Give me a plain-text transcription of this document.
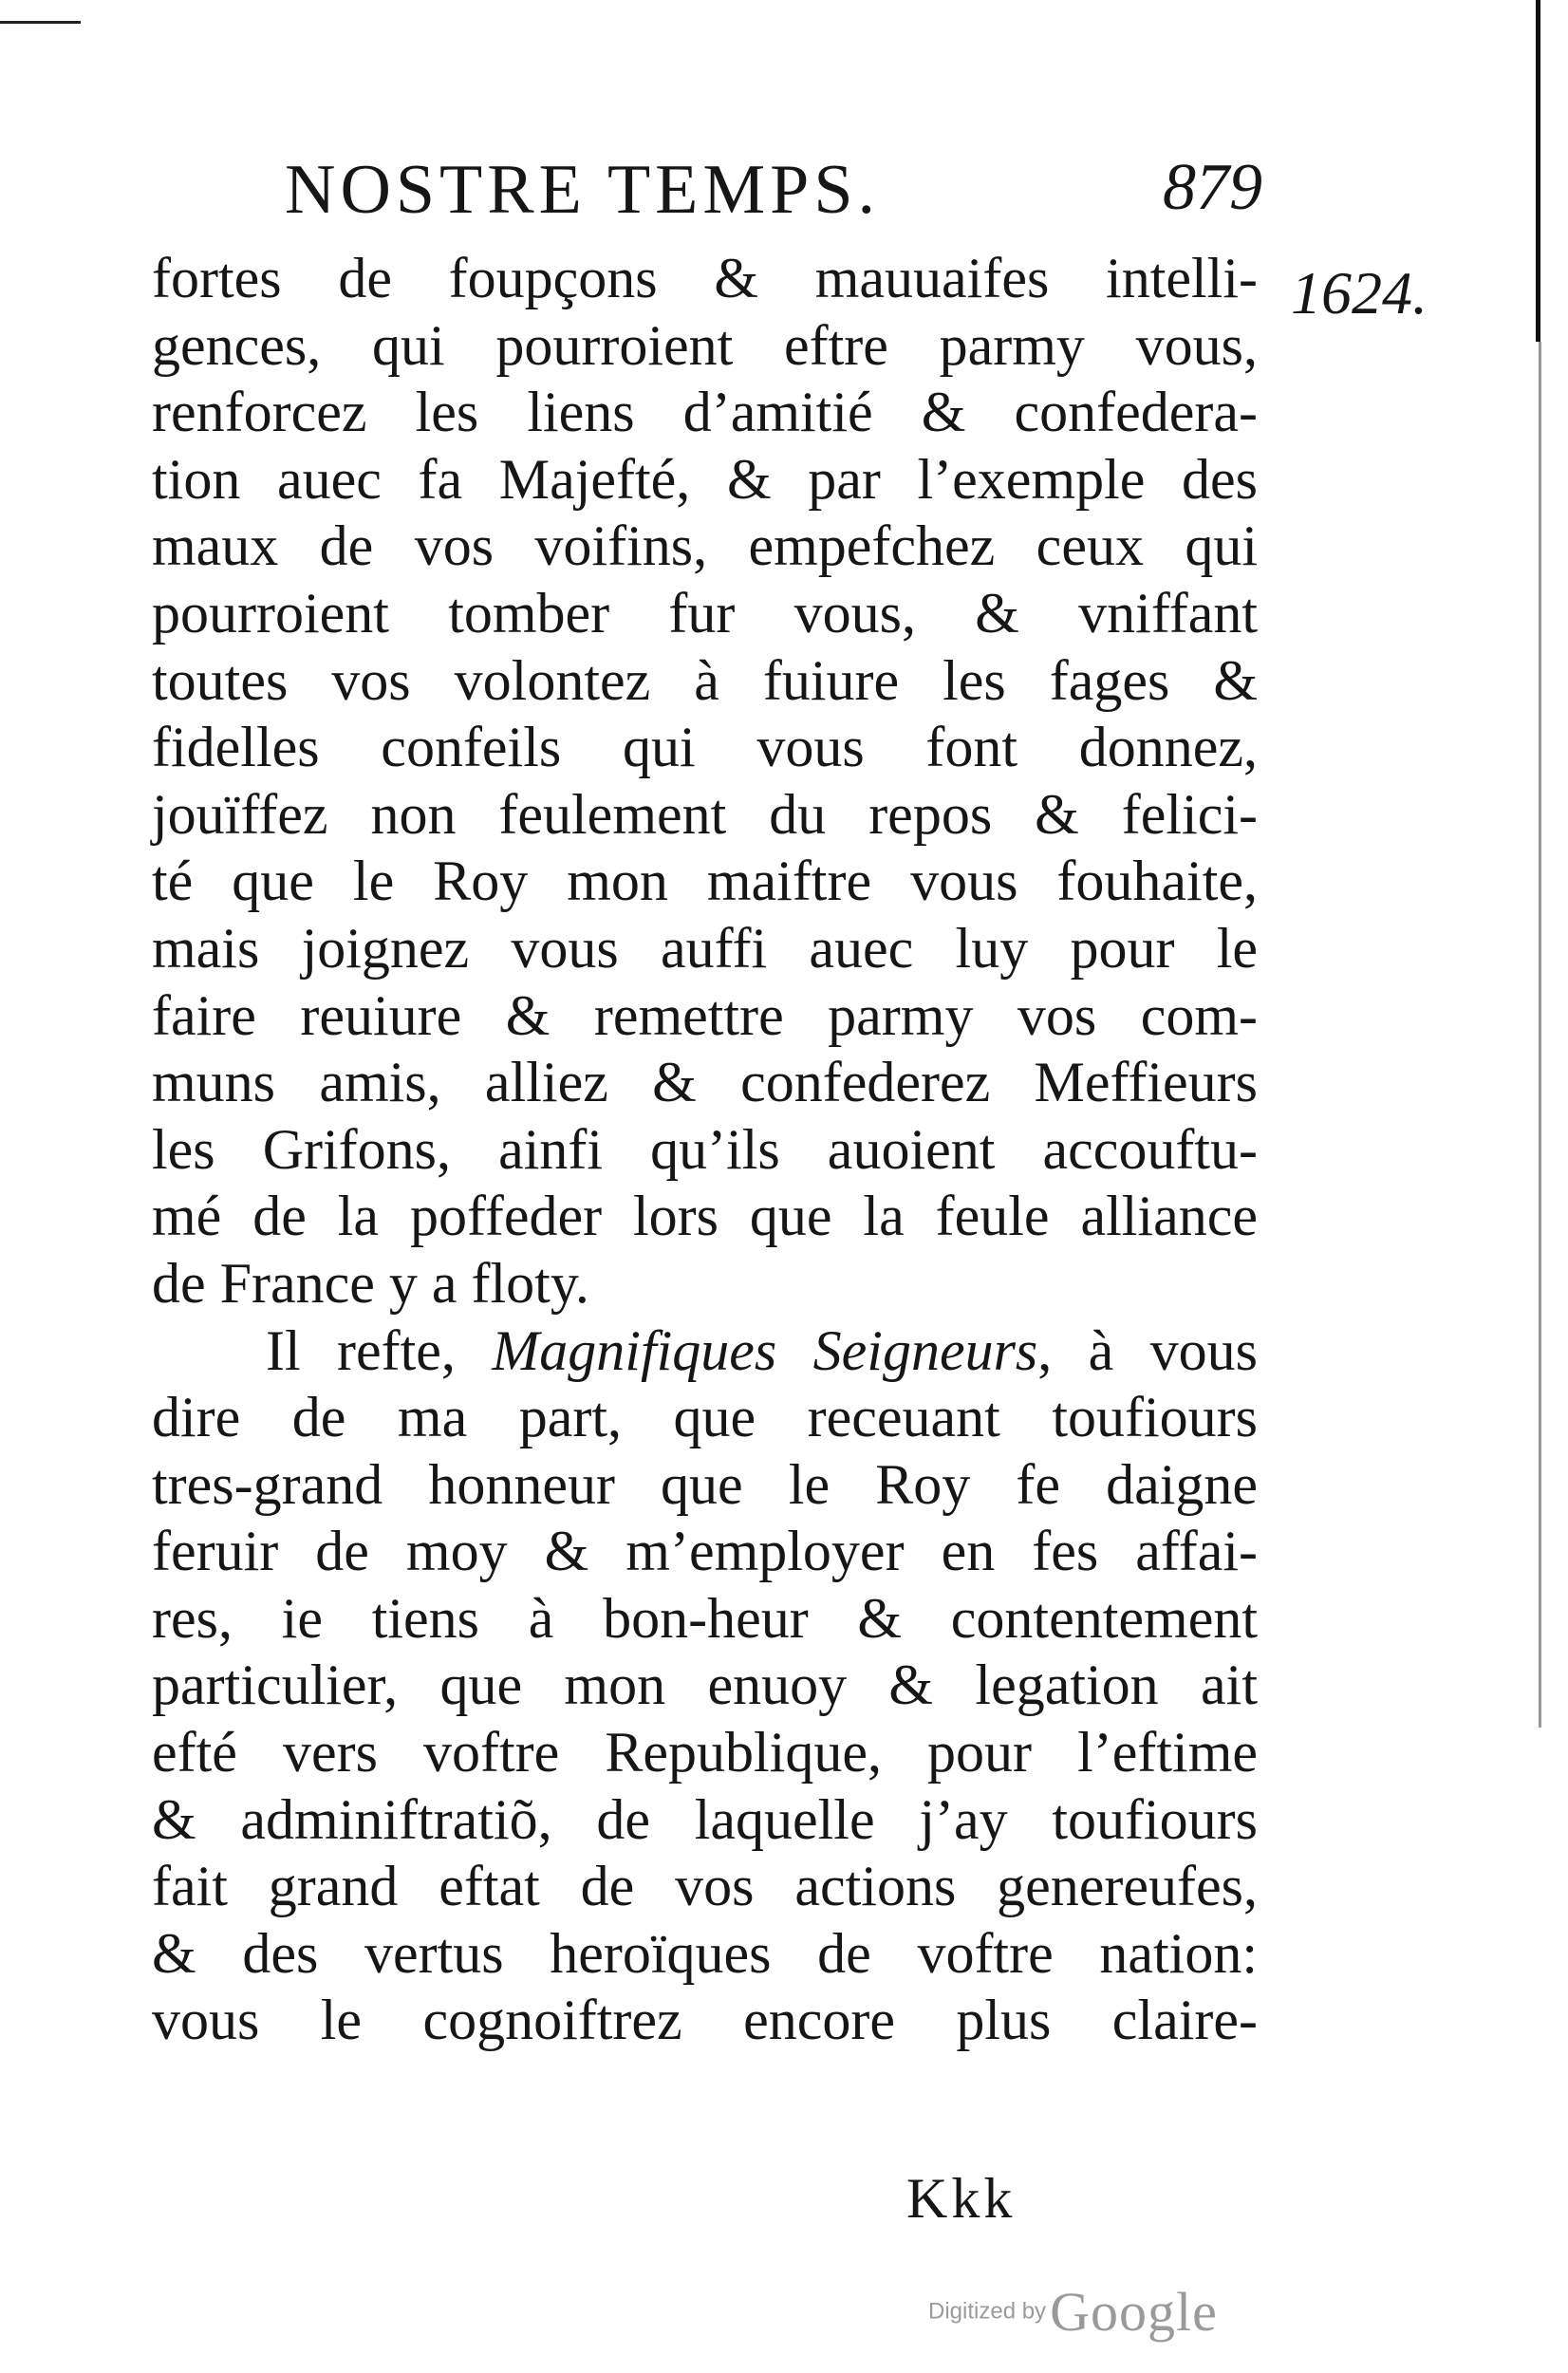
NOSTRE TEMPS.	879
1624.
fortes de foupçons & mauuaifes intelli-
gences, qui pourroient eftre parmy vous,
renforcez les liens d’amitié & confedera-
tion auec fa Majefté, & par l’exemple des
maux de vos voifins, empefchez ceux qui
pourroient tomber fur vous, & vniffant
toutes vos volontez à fuiure les fages &
fidelles confeils qui vous font donnez,
jouïffez non feulement du repos & felici-
té que le Roy mon maiftre vous fouhaite,
mais joignez vous auffi auec luy pour le
faire reuiure & remettre parmy vos com-
muns amis, alliez & confederez Meffieurs
les Grifons, ainfi qu’ils auoient accouftu-
mé de la poffeder lors que la feule alliance
de France y a floty.
Il refte, Magnifiques Seigneurs, à vous
dire de ma part, que receuant toufiours
tres-grand honneur que le Roy fe daigne
feruir de moy & m’employer en fes affai-
res, ie tiens à bon-heur & contentement
particulier, que mon enuoy & legation ait
efté vers voftre Republique, pour l’eftime
& adminiftratiõ, de laquelle j’ay toufiours
fait grand eftat de vos actions genereufes,
& des vertus heroïques de voftre nation:
vous le cognoiftrez encore plus claire-
Kkk
Digitized by Google
